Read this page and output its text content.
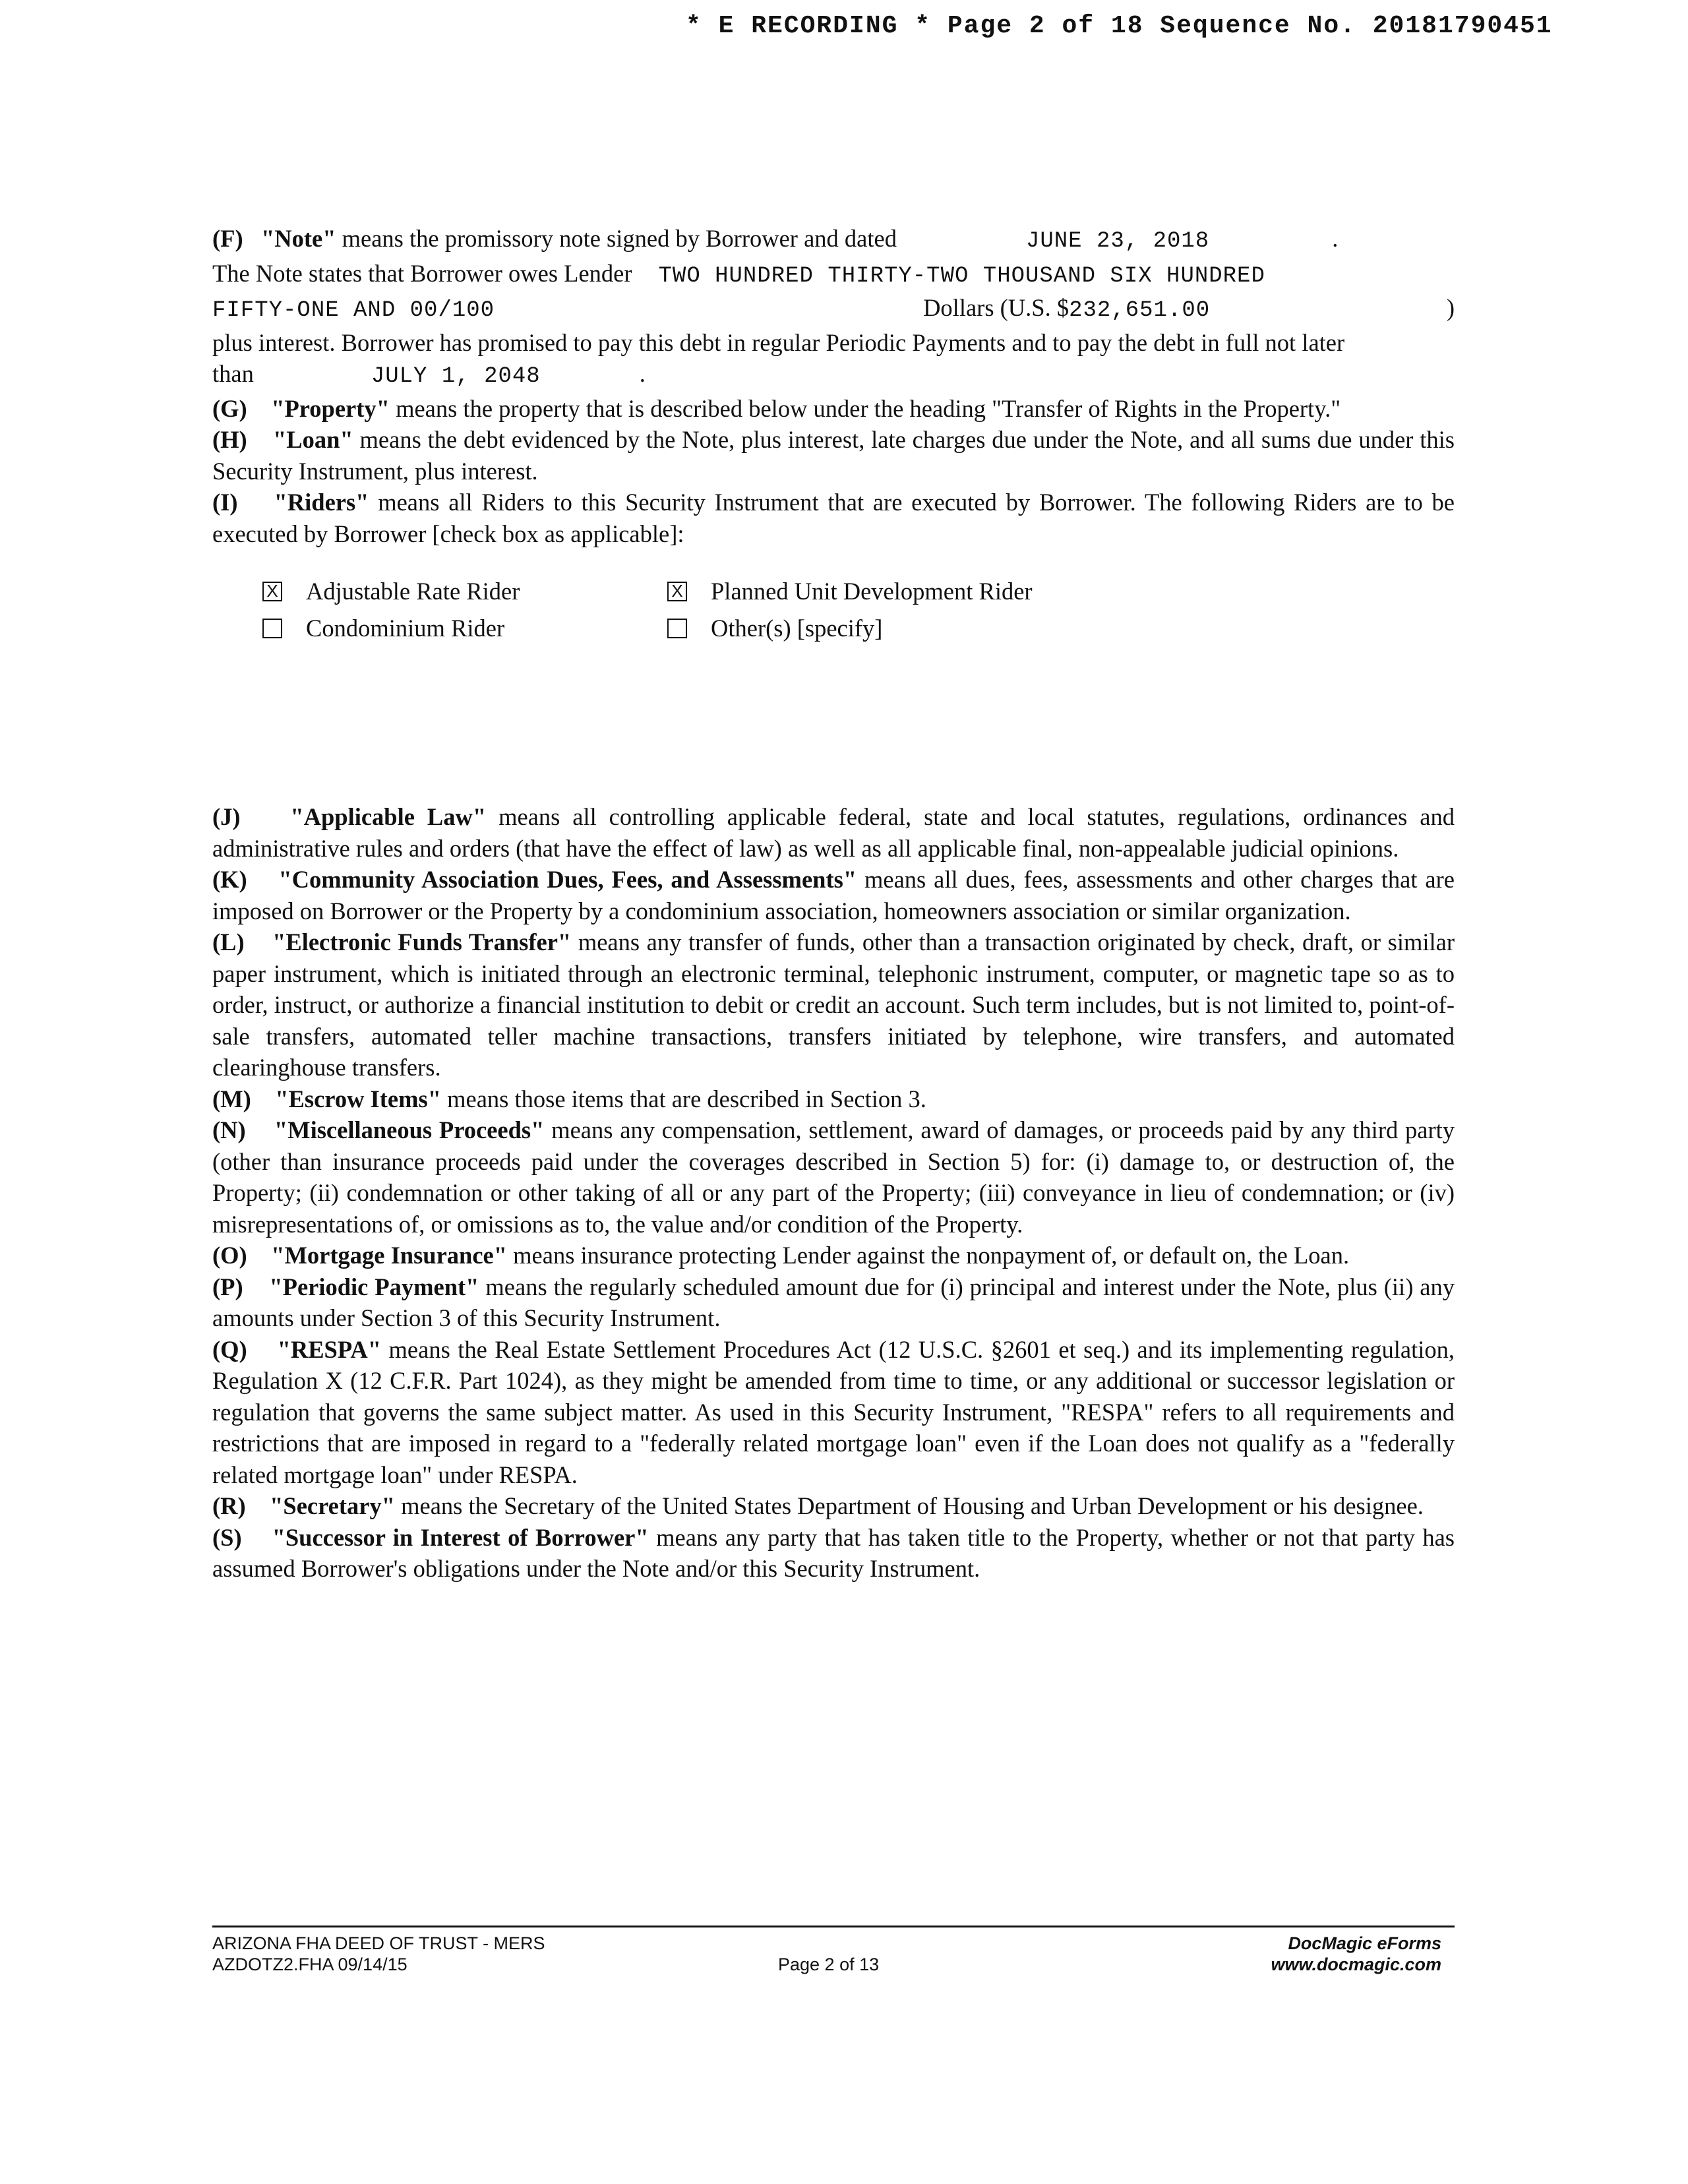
* E RECORDING * Page 2 of 18 Sequence No. 20181790451
(F)
"Note"
means the promissory note signed by Borrower and dated	JUNE 23, 2018	.
The Note states that Borrower owes Lender TWO HUNDRED THIRTY-TWO THOUSAND SIX HUNDRED
FIFTY-ONE AND 00/100	Dollars (U.S. $ 232,651.00	)

plus interest. Borrower has promised to pay this debt in regular Periodic Payments and to pay the debt in full not later

than	JULY 1, 2048	.

(G) "Property" means the property that is described below under the heading "Transfer of Rights in the Property."

(H) "Loan" means the debt evidenced by the Note, plus interest, late charges due under the Note, and all sums due under this Security Instrument, plus interest.

(I) "Riders" means all Riders to this Security Instrument that are executed by Borrower. The following Riders are to be executed by Borrower [check box as applicable]:

X Adjustable Rate Rider	X Planned Unit Development Rider
Condominium Rider	Other(s) [specify]

(J) "Applicable Law" means all controlling applicable federal, state and local statutes, regulations, ordinances and administrative rules and orders (that have the effect of law) as well as all applicable final, non-appealable judicial opinions.

(K) "Community Association Dues, Fees, and Assessments" means all dues, fees, assessments and other charges that are imposed on Borrower or the Property by a condominium association, homeowners association or similar organization.

(L) "Electronic Funds Transfer" means any transfer of funds, other than a transaction originated by check, draft, or similar paper instrument, which is initiated through an electronic terminal, telephonic instrument, computer, or magnetic tape so as to order, instruct, or authorize a financial institution to debit or credit an account. Such term includes, but is not limited to, point-of-sale transfers, automated teller machine transactions, transfers initiated by telephone, wire transfers, and automated clearinghouse transfers.

(M) "Escrow Items" means those items that are described in Section 3.

(N) "Miscellaneous Proceeds" means any compensation, settlement, award of damages, or proceeds paid by any third party (other than insurance proceeds paid under the coverages described in Section 5) for: (i) damage to, or destruction of, the Property; (ii) condemnation or other taking of all or any part of the Property; (iii) conveyance in lieu of condemnation; or (iv) misrepresentations of, or omissions as to, the value and/or condition of the Property.

(O) "Mortgage Insurance" means insurance protecting Lender against the nonpayment of, or default on, the Loan.

(P) "Periodic Payment" means the regularly scheduled amount due for (i) principal and interest under the Note, plus (ii) any amounts under Section 3 of this Security Instrument.

(Q) "RESPA" means the Real Estate Settlement Procedures Act (12 U.S.C. §2601 et seq.) and its implementing regulation, Regulation X (12 C.F.R. Part 1024), as they might be amended from time to time, or any additional or successor legislation or regulation that governs the same subject matter. As used in this Security Instrument, "RESPA" refers to all requirements and restrictions that are imposed in regard to a "federally related mortgage loan" even if the Loan does not qualify as a "federally related mortgage loan" under RESPA.

(R) "Secretary" means the Secretary of the United States Department of Housing and Urban Development or his designee.

(S) "Successor in Interest of Borrower" means any party that has taken title to the Property, whether or not that party has assumed Borrower's obligations under the Note and/or this Security Instrument.

ARIZONA FHA DEED OF TRUST - MERS
AZDOTZ2.FHA 09/14/15	Page 2 of 13
DocMagic eForms
www.docmagic.com
